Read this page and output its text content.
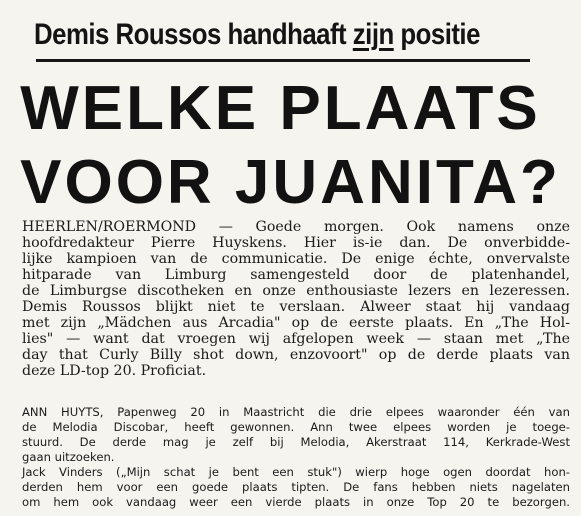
Demis Roussos handhaaft zijn positie
WELKE PLAATS
VOOR JUANITA?
HEERLEN/ROERMOND — Goede morgen. Ook namens onze
hoofdredakteur Pierre Huyskens. Hier is-ie dan. De onverbidde-
lijke kampioen van de communicatie. De enige échte, onvervalste
hitparade van Limburg samengesteld door de platenhandel,
de Limburgse discotheken en onze enthousiaste lezers en lezeressen.
Demis Roussos blijkt niet te verslaan. Alweer staat hij vandaag
met zijn „Mädchen aus Arcadia" op de eerste plaats. En „The Hol-
lies" — want dat vroegen wij afgelopen week — staan met „The
day that Curly Billy shot down, enzovoort" op de derde plaats van
deze LD-top 20. Proficiat.
ANN HUYTS, Papenweg 20 in Maastricht die drie elpees waaronder één van
de Melodia Discobar, heeft gewonnen. Ann twee elpees worden je toege-
stuurd. De derde mag je zelf bij Melodia, Akerstraat 114, Kerkrade-West
gaan uitzoeken.
Jack Vinders („Mijn schat je bent een stuk") wierp hoge ogen doordat hon-
derden hem voor een goede plaats tipten. De fans hebben niets nagelaten
om hem ook vandaag weer een vierde plaats in onze Top 20 te bezorgen.
